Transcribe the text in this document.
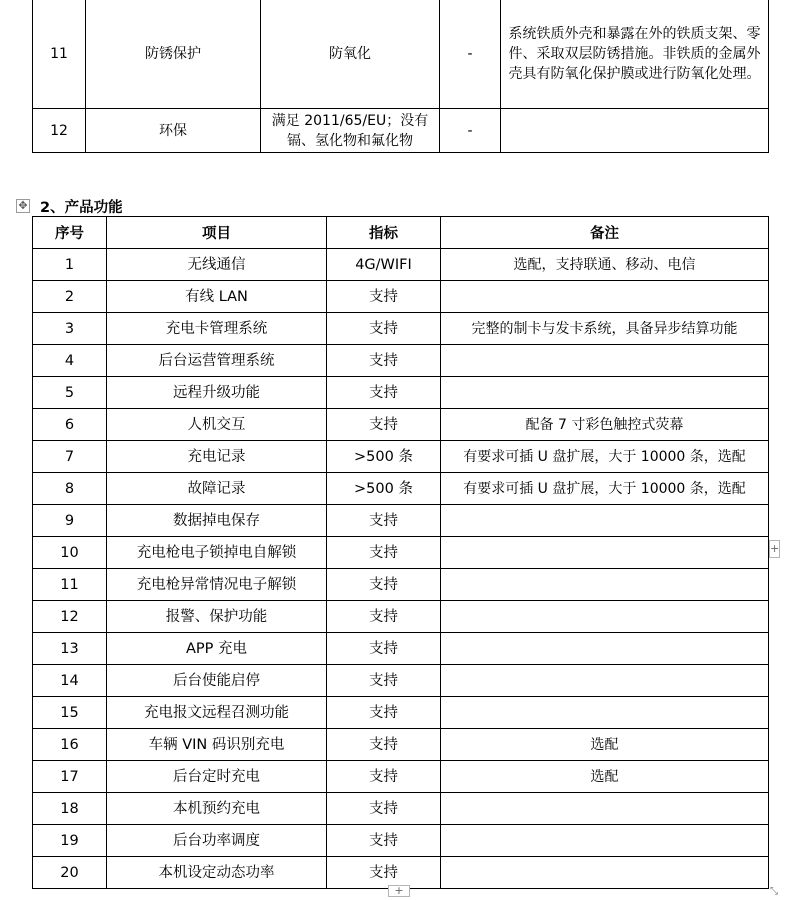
11	防锈保护	防氧化	-	系统铁质外壳和暴露在外的铁质支架、零件、采取双层防锈措施。非铁质的金属外壳具有防氧化保护膜或进行防氧化处理。
12	环保	满足 2011/65/EU；没有镉、氢化物和氟化物	-	
✥ 2、产品功能
序号	项目	指标	备注
1	无线通信	4G/WIFI	选配，支持联通、移动、电信
2	有线 LAN	支持	
3	充电卡管理系统	支持	完整的制卡与发卡系统，具备异步结算功能
4	后台运营管理系统	支持	
5	远程升级功能	支持	
6	人机交互	支持	配备 7 寸彩色触控式荧幕
7	充电记录	>500 条	有要求可插 U 盘扩展，大于 10000 条，选配
8	故障记录	>500 条	有要求可插 U 盘扩展，大于 10000 条，选配
9	数据掉电保存	支持	
10	充电枪电子锁掉电自解锁	支持	
11	充电枪异常情况电子解锁	支持	
12	报警、保护功能	支持	
13	APP 充电	支持	
14	后台使能启停	支持	
15	充电报文远程召测功能	支持	
16	车辆 VIN 码识别充电	支持	选配
17	后台定时充电	支持	选配
18	本机预约充电	支持	
19	后台功率调度	支持	
20	本机设定动态功率	支持	
+
+	⤡
